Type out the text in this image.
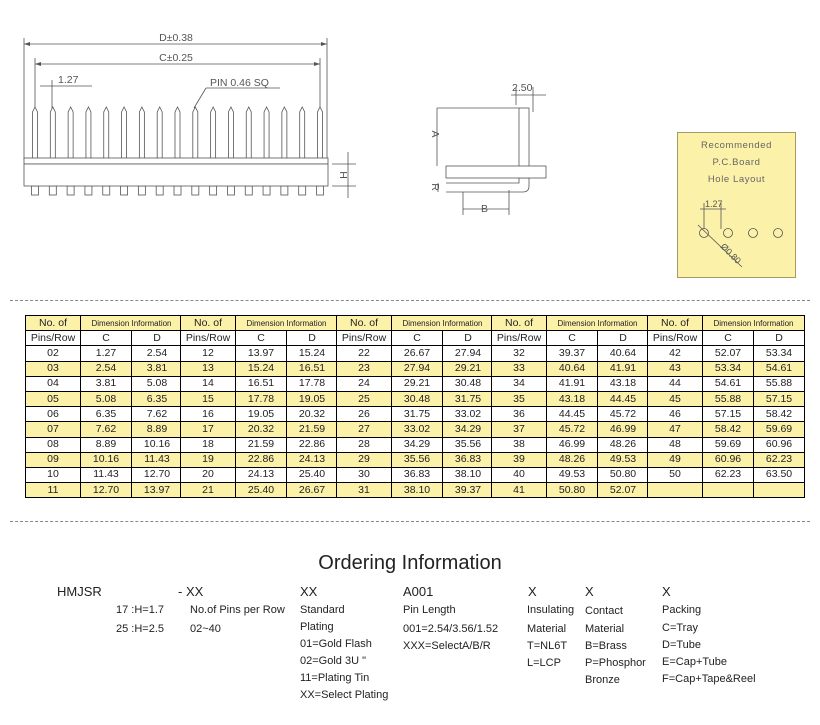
D±0.38
C±0.25
1.27	PIN 0.46 SQ
H
2.50
A
R
B
Recommended
P.C.Board
Hole Layout
1.27
Ø0.80
No. of	Dimension Information	
Pins/Row	C	D
02	1.27	2.54
03	2.54	3.81
04	3.81	5.08
05	5.08	6.35
06	6.35	7.62
07	7.62	8.89
08	8.89	10.16
09	10.16	11.43
10	11.43	12.70
11	12.70	13.97
No. of	Dimension Information	
Pins/Row	C	D
12	13.97	15.24
13	15.24	16.51
14	16.51	17.78
15	17.78	19.05
16	19.05	20.32
17	20.32	21.59
18	21.59	22.86
19	22.86	24.13
20	24.13	25.40
21	25.40	26.67
No. of	Dimension Information	
Pins/Row	C	D
22	26.67	27.94
23	27.94	29.21
24	29.21	30.48
25	30.48	31.75
26	31.75	33.02
27	33.02	34.29
28	34.29	35.56
29	35.56	36.83
30	36.83	38.10
31	38.10	39.37
No. of	Dimension Information	
Pins/Row	C	D
32	39.37	40.64
33	40.64	41.91
34	41.91	43.18
35	43.18	44.45
36	44.45	45.72
37	45.72	46.99
38	46.99	48.26
39	48.26	49.53
40	49.53	50.80
41	50.80	52.07
No. of	Dimension Information	
Pins/Row	C	D
42	52.07	53.34
43	53.34	54.61
44	54.61	55.88
45	55.88	57.15
46	57.15	58.42
47	58.42	59.69
48	59.69	60.96
49	60.96	62.23
50	62.23	63.50

Ordering Information
HMJSR
17 :H=1.7
25 :H=2.5
- XX
No.of Pins per Row
02~40
XX
Standard
Plating
01=Gold Flash
02=Gold 3U "
11=Plating Tin
XX=Select Plating
A001
Pin Length
001=2.54/3.56/1.52
XXX=SelectA/B/R
X
Insulating
Material
T=NL6T
L=LCP
X
Contact
Material
B=Brass
P=Phosphor
Bronze
X
Packing
C=Tray
D=Tube
E=Cap+Tube
F=Cap+Tape&Reel
